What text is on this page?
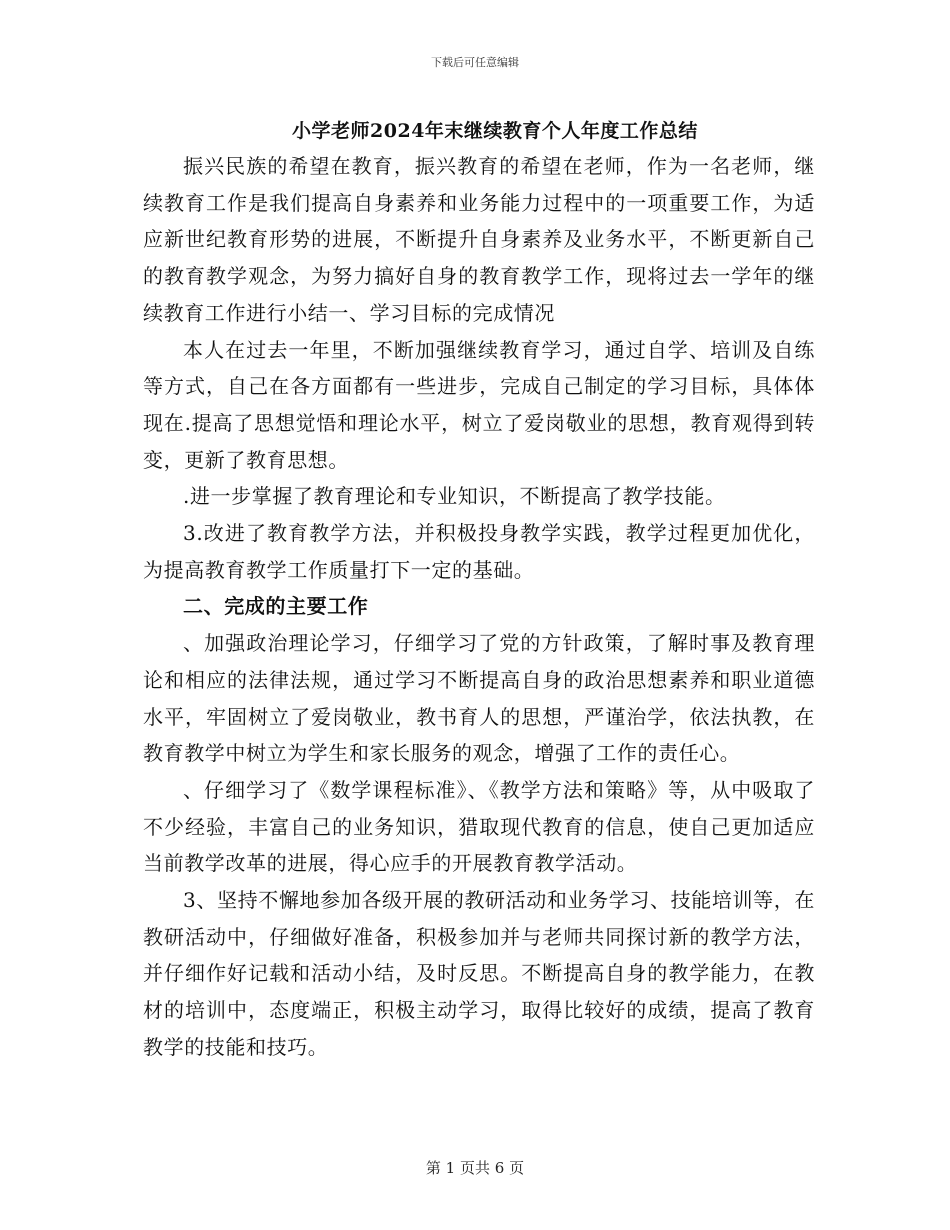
下载后可任意编辑
小学老师2024年末继续教育个人年度工作总结

振兴民族的希望在教育，振兴教育的希望在老师，作为一名老师，继续教育工作是我们提高自身素养和业务能力过程中的一项重要工作，为适应新世纪教育形势的进展，不断提升自身素养及业务水平，不断更新自己的教育教学观念，为努力搞好自身的教育教学工作，现将过去一学年的继续教育工作进行小结一、学习目标的完成情况

本人在过去一年里，不断加强继续教育学习，通过自学、培训及自练等方式，自己在各方面都有一些进步，完成自己制定的学习目标，具体体现在.提高了思想觉悟和理论水平，树立了爱岗敬业的思想，教育观得到转变，更新了教育思想。

.进一步掌握了教育理论和专业知识，不断提高了教学技能。

3.改进了教育教学方法，并积极投身教学实践，教学过程更加优化，为提高教育教学工作质量打下一定的基础。

二、完成的主要工作

、加强政治理论学习，仔细学习了党的方针政策，了解时事及教育理论和相应的法律法规，通过学习不断提高自身的政治思想素养和职业道德水平，牢固树立了爱岗敬业，教书育人的思想，严谨治学，依法执教，在教育教学中树立为学生和家长服务的观念，增强了工作的责任心。

、仔细学习了《数学课程标准》、《教学方法和策略》等，从中吸取了不少经验，丰富自己的业务知识，猎取现代教育的信息，使自己更加适应当前教学改革的进展，得心应手的开展教育教学活动。

3、坚持不懈地参加各级开展的教研活动和业务学习、技能培训等，在教研活动中，仔细做好准备，积极参加并与老师共同探讨新的教学方法，并仔细作好记载和活动小结，及时反思。不断提高自身的教学能力，在教材的培训中，态度端正，积极主动学习，取得比较好的成绩，提高了教育教学的技能和技巧。

第 1 页共 6 页
